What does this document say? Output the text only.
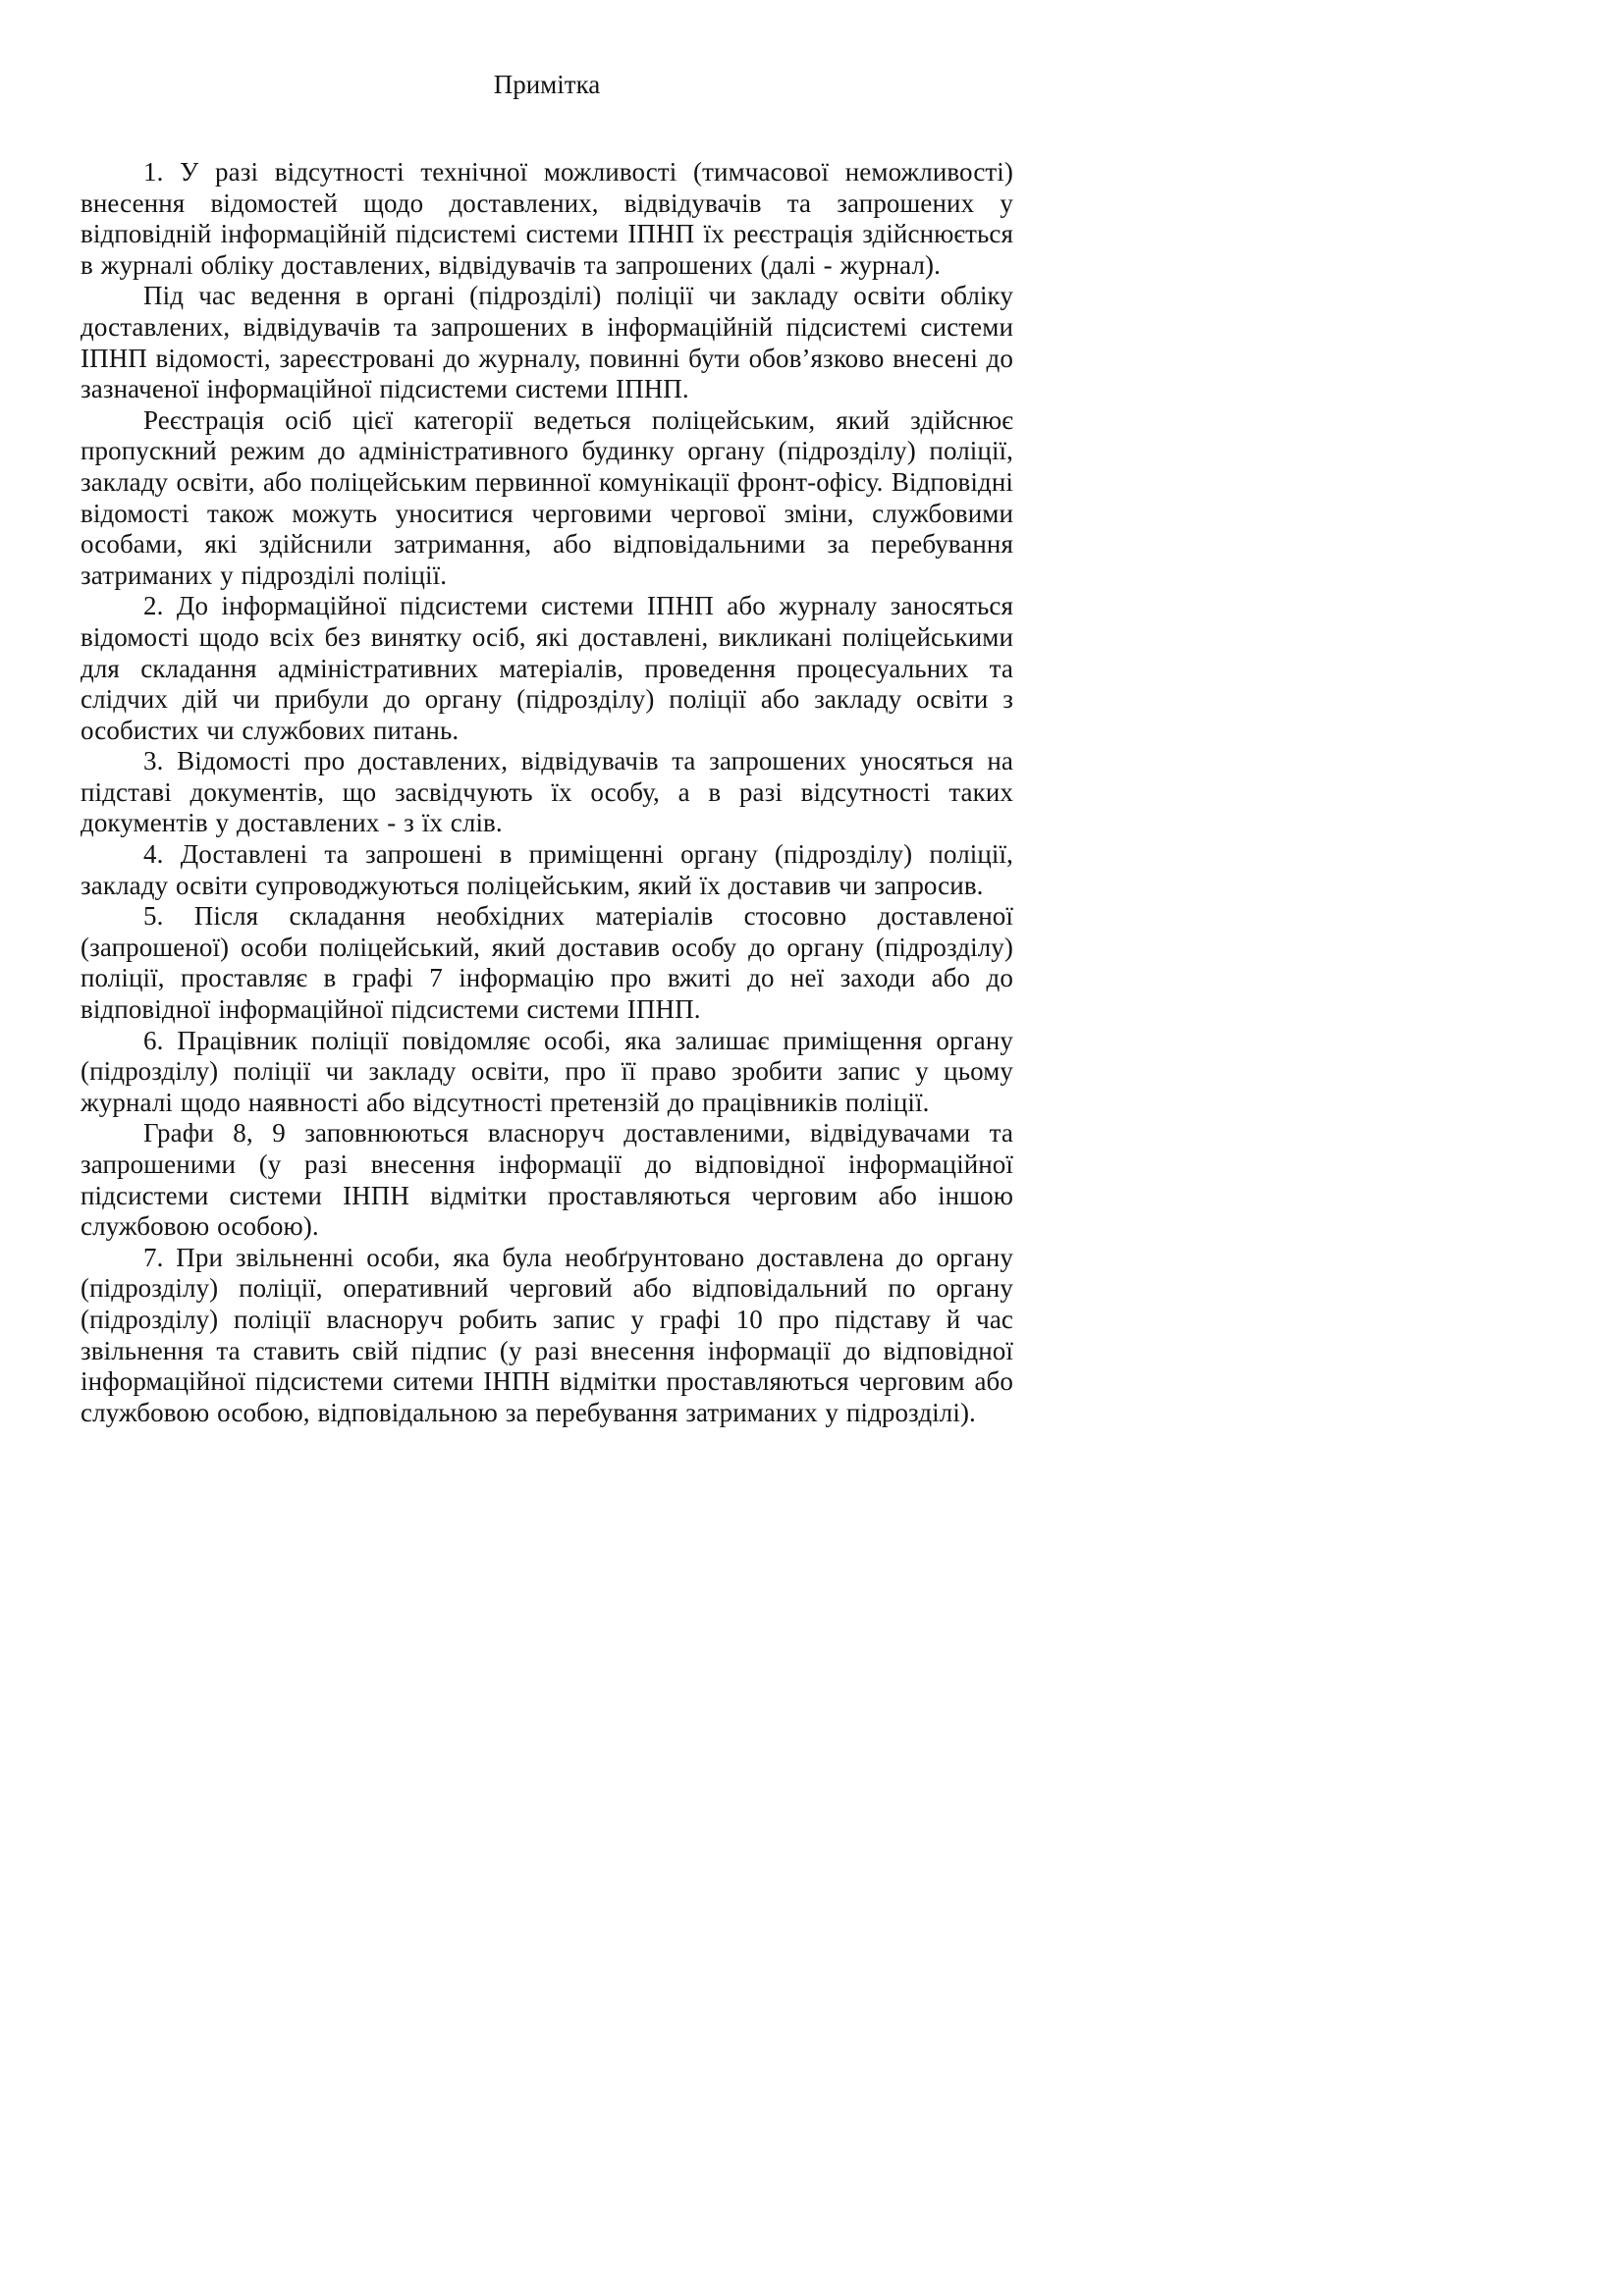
Примітка

1. У разі відсутності технічної можливості (тимчасової неможливості) внесення відомостей щодо доставлених, відвідувачів та запрошених у відповідній інформаційній підсистемі системи ІПНП їх реєстрація здійснюється в журналі обліку доставлених, відвідувачів та запрошених (далі - журнал).

Під час ведення в органі (підрозділі) поліції чи закладу освіти обліку доставлених, відвідувачів та запрошених в інформаційній підсистемі системи ІПНП відомості, зареєстровані до журналу, повинні бути обов’язково внесені до зазначеної інформаційної підсистеми системи ІПНП.

Реєстрація осіб цієї категорії ведеться поліцейським, який здійснює пропускний режим до адміністративного будинку органу (підрозділу) поліції, закладу освіти, або поліцейським первинної комунікації фронт-офісу. Відповідні відомості також можуть уноситися черговими чергової зміни, службовими особами, які здійснили затримання, або відповідальними за перебування затриманих у підрозділі поліції.

2. До інформаційної підсистеми системи ІПНП або журналу заносяться відомості щодо всіх без винятку осіб, які доставлені, викликані поліцейськими для складання адміністративних матеріалів, проведення процесуальних та слідчих дій чи прибули до органу (підрозділу) поліції або закладу освіти з особистих чи службових питань.

3. Відомості про доставлених, відвідувачів та запрошених уносяться на підставі документів, що засвідчують їх особу, а в разі відсутності таких документів у доставлених - з їх слів.

4. Доставлені та запрошені в приміщенні органу (підрозділу) поліції, закладу освіти супроводжуються поліцейським, який їх доставив чи запросив.

5. Після складання необхідних матеріалів стосовно доставленої (запрошеної) особи поліцейський, який доставив особу до органу (підрозділу) поліції, проставляє в графі 7 інформацію про вжиті до неї заходи або до відповідної інформаційної підсистеми системи ІПНП.

6. Працівник поліції повідомляє особі, яка залишає приміщення органу (підрозділу) поліції чи закладу освіти, про її право зробити запис у цьому журналі щодо наявності або відсутності претензій до працівників поліції.

Графи 8, 9 заповнюються власноруч доставленими, відвідувачами та запрошеними (у разі внесення інформації до відповідної інформаційної підсистеми системи ІНПН відмітки проставляються черговим або іншою службовою особою).

7. При звільненні особи, яка була необґрунтовано доставлена до органу (підрозділу) поліції, оперативний черговий або відповідальний по органу (підрозділу) поліції власноруч робить запис у графі 10 про підставу й час звільнення та ставить свій підпис (у разі внесення інформації до відповідної інформаційної підсистеми ситеми ІНПН відмітки проставляються черговим або службовою особою, відповідальною за перебування затриманих у підрозділі).
